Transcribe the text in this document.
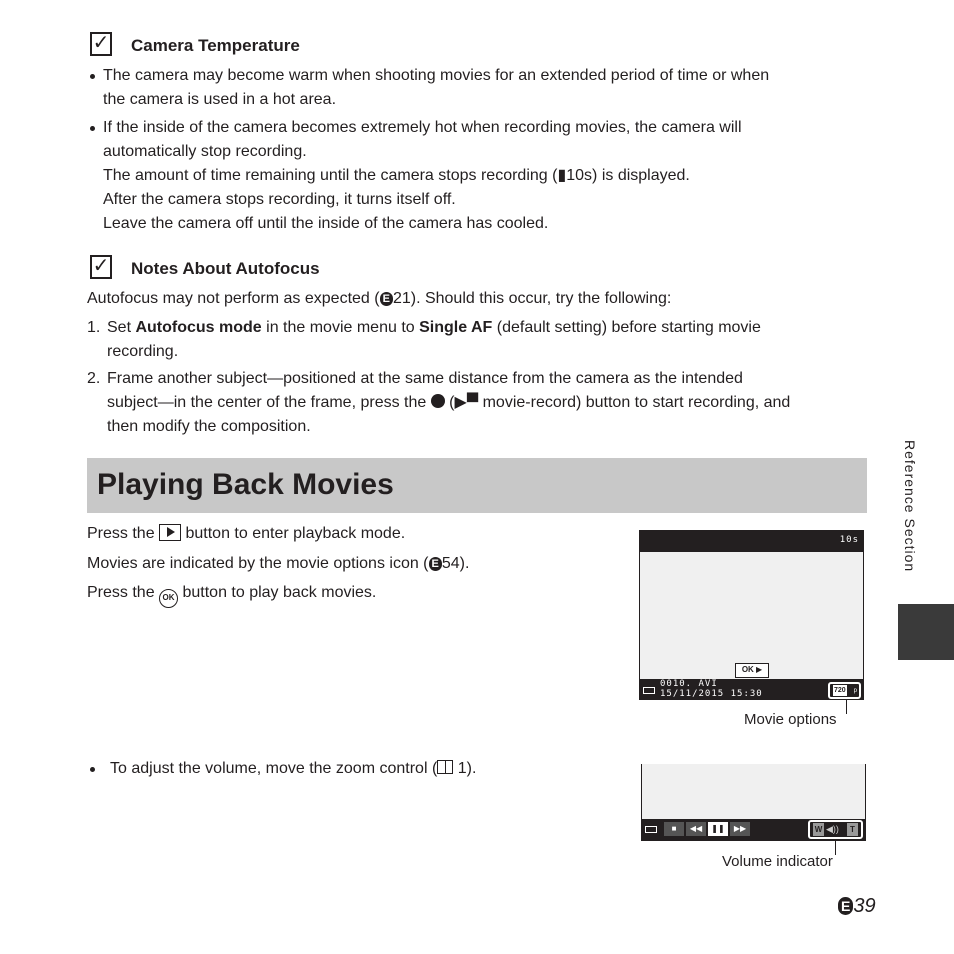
✓ Camera Temperature
The camera may become warm when shooting movies for an extended period of time or when
the camera is used in a hot area.
If the inside of the camera becomes extremely hot when recording movies, the camera will
automatically stop recording.
The amount of time remaining until the camera stops recording (▮10s) is displayed.
After the camera stops recording, it turns itself off.
Leave the camera off until the inside of the camera has cooled.
✓ Notes About Autofocus
Autofocus may not perform as expected ( E 21). Should this occur, try the following:
1. Set Autofocus mode in the movie menu to Single AF (default setting) before starting movie
recording.
2. Frame another subject—positioned at the same distance from the camera as the intended
subject—in the center of the frame, press the  (▶▀ movie-record) button to start recording, and
then modify the composition.
Playing Back Movies
Press the  button to enter playback mode.
Movies are indicated by the movie options icon ( E 54).
Press the OK button to play back movies.
10s
OK ▶
0010. AVI
15/11/2015 15:30	720 p
Movie options
To adjust the volume, move the zoom control ( 1).
■	◀◀	❚❚	▶▶	W ◀))	T
Volume indicator
Reference Section
E 39
